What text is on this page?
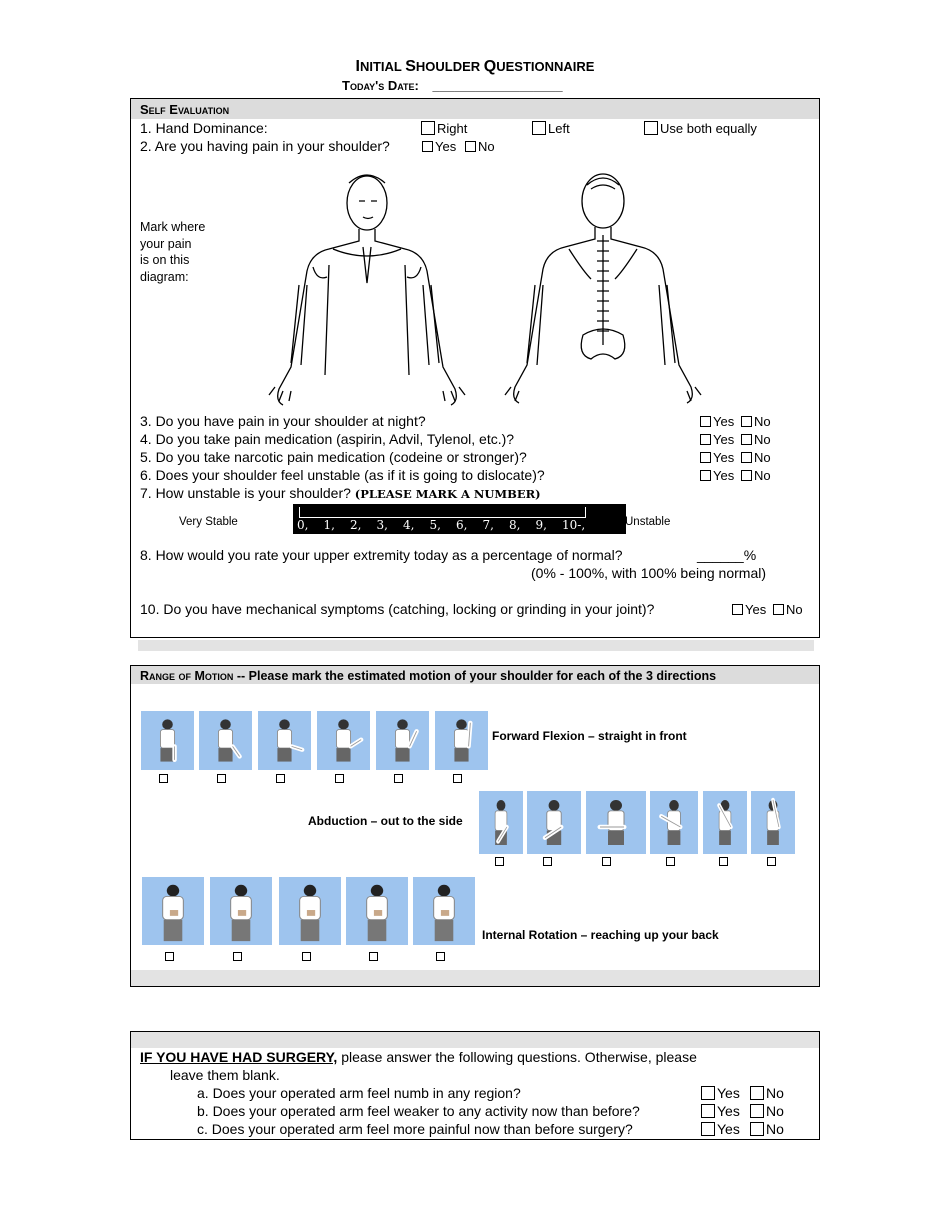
INITIAL SHOULDER QUESTIONNAIRE
Today's Date: __________________
Self Evaluation
1. Hand Dominance:	Right	Left	Use both equally
2. Are you having pain in your shoulder?	Yes	No
Mark where
your pain
is on this
diagram:
3. Do you have pain in your shoulder at night?	Yes	No
4. Do you take pain medication (aspirin, Advil, Tylenol, etc.)?	Yes	No
5. Do you take narcotic pain medication (codeine or stronger)?	Yes	No
6. Does your shoulder feel unstable (as if it is going to dislocate)?	Yes	No
7. How unstable is your shoulder? (PLEASE MARK A NUMBER)
Very Stable	0, 1, 2, 3, 4, 5, 6, 7, 8, 9, 10-,	Unstable
8. How would you rate your upper extremity today as a percentage of normal?	______%
(0% - 100%, with 100% being normal)
10. Do you have mechanical symptoms (catching, locking or grinding in your joint)?	Yes	No
Range of Motion -- Please mark the estimated motion of your shoulder for each of the 3 directions
Forward Flexion – straight in front
Abduction – out to the side
Internal Rotation – reaching up your back
IF YOU HAVE HAD SURGERY, please answer the following questions. Otherwise, please
leave them blank.
a. Does your operated arm feel numb in any region?	Yes	No
b. Does your operated arm feel weaker to any activity now than before?	Yes	No
c. Does your operated arm feel more painful now than before surgery?	Yes	No
